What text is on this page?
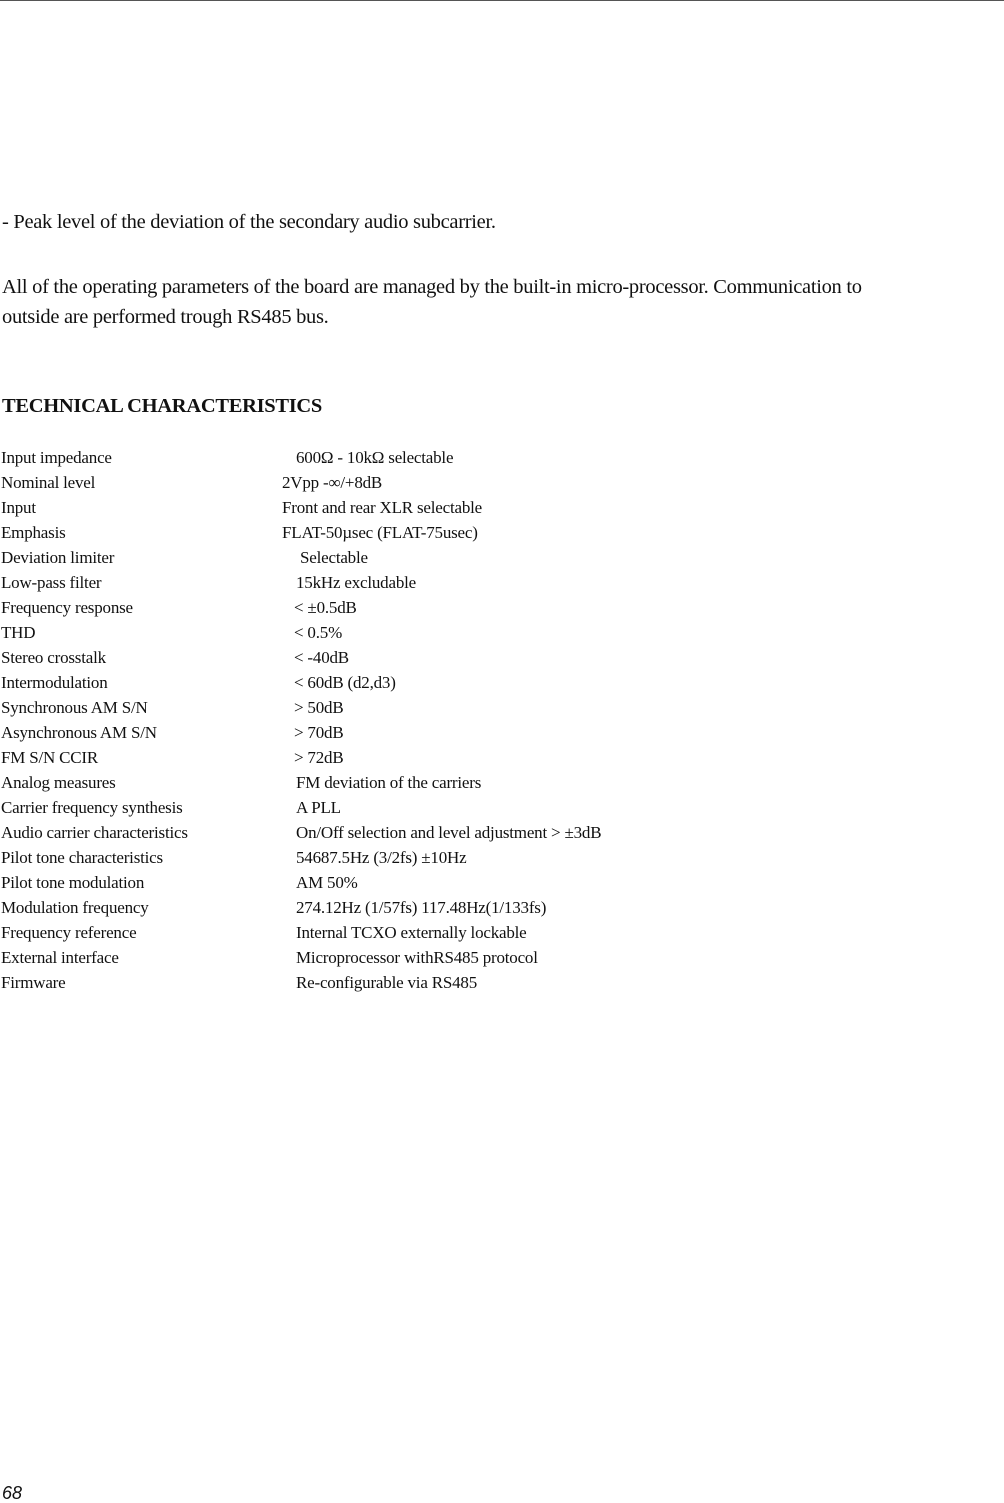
- Peak level of the deviation of the secondary audio subcarrier.

All of the operating parameters of the board are managed by the built-in micro-processor. Communication to
outside are performed trough RS485 bus.
TECHNICAL CHARACTERISTICS
Input impedance	600Ω - 10kΩ selectable
Nominal level	2Vpp -∞/+8dB
Input	Front and rear XLR selectable
Emphasis	FLAT-50µsec (FLAT-75usec)
Deviation limiter	Selectable
Low-pass filter	15kHz excludable
Frequency response	< ±0.5dB
THD	< 0.5%
Stereo crosstalk	< -40dB
Intermodulation	< 60dB (d2,d3)
Synchronous AM S/N	> 50dB
Asynchronous AM S/N	> 70dB
FM S/N CCIR	> 72dB
Analog measures	FM deviation of the carriers
Carrier frequency synthesis	A PLL
Audio carrier characteristics	On/Off selection and level adjustment > ±3dB
Pilot tone characteristics	54687.5Hz (3/2fs) ±10Hz
Pilot tone modulation	AM 50%
Modulation frequency	274.12Hz (1/57fs) 117.48Hz(1/133fs)
Frequency reference	Internal TCXO externally lockable
External interface	Microprocessor withRS485 protocol
Firmware	Re-configurable via RS485
68
